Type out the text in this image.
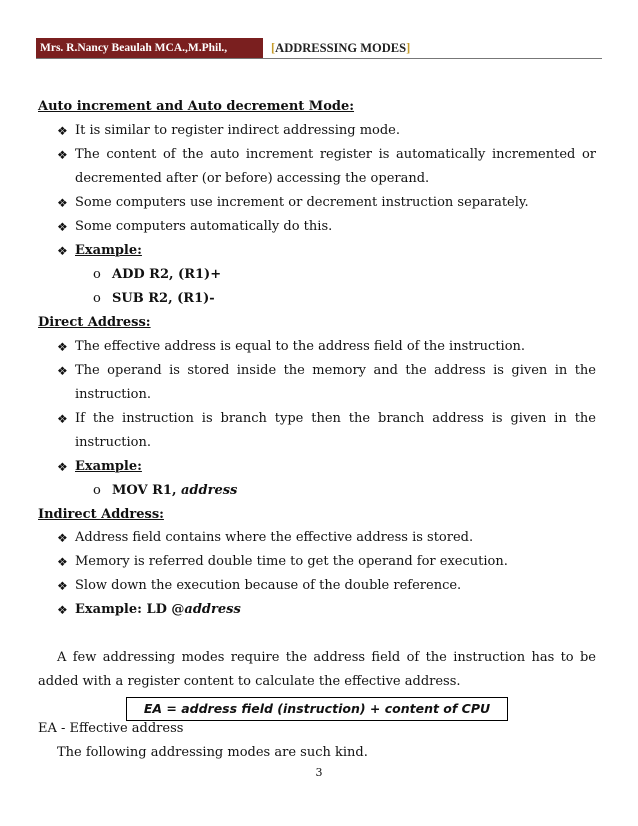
Mrs. R.Nancy Beaulah MCA.,M.Phil.,	[ADDRESSING MODES]
Auto increment and Auto decrement Mode:
❖ It is similar to register indirect addressing mode.
❖ The content of the auto increment register is automatically incremented or
decremented after (or before) accessing the operand.
❖ Some computers use increment or decrement instruction separately.
❖ Some computers automatically do this.
❖ Example:
o ADD R2, (R1)+
o SUB R2, (R1)-
Direct Address:
❖ The effective address is equal to the address field of the instruction.
❖ The operand is stored inside the memory and the address is given in the
instruction.
❖ If the instruction is branch type then the branch address is given in the
instruction.
❖ Example:
o MOV R1, address
Indirect Address:
❖ Address field contains where the effective address is stored.
❖ Memory is referred double time to get the operand for execution.
❖ Slow down the execution because of the double reference.
❖ Example: LD @address
A few addressing modes require the address field of the instruction has to be
added with a register content to calculate the effective address.
EA = address field (instruction) + content of CPU
EA - Effective address
The following addressing modes are such kind.
3
